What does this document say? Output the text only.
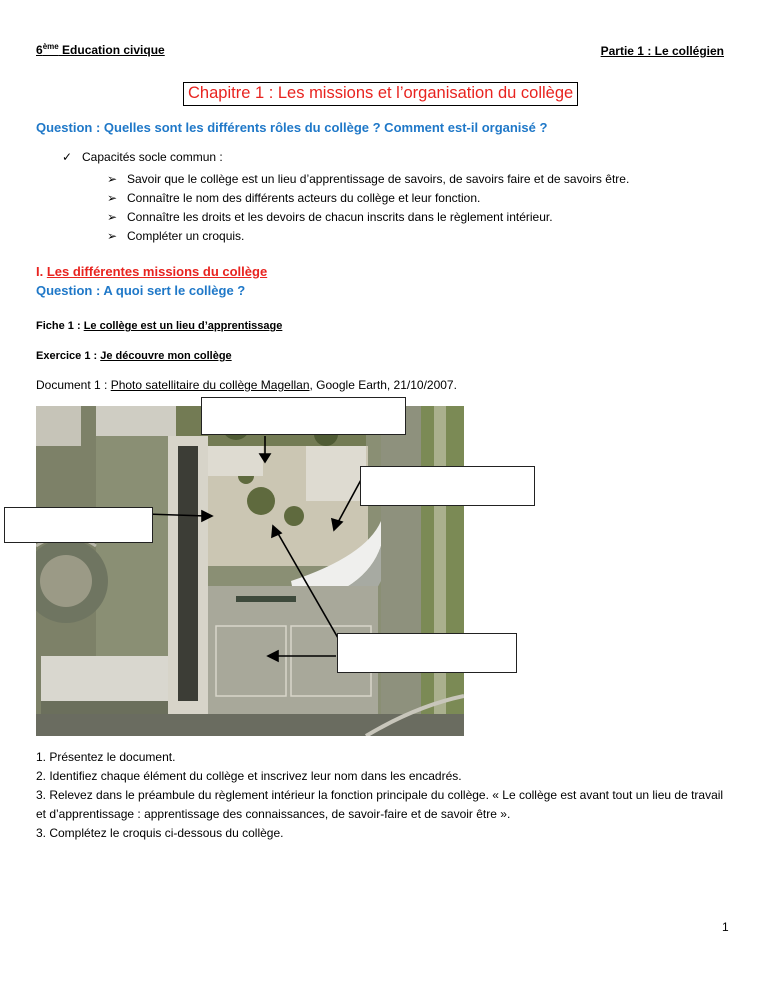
6ème Education civique	Partie 1 : Le collégien
Chapitre 1 : Les missions et l’organisation du collège
Question : Quelles sont les différents rôles du collège ? Comment est-il organisé ?
✓ Capacités socle commun :
➢ Savoir que le collège est un lieu d’apprentissage de savoirs, de savoirs faire et de savoirs être.
➢ Connaître le nom des différents acteurs du collège et leur fonction.
➢ Connaître les droits et les devoirs de chacun inscrits dans le règlement intérieur.
➢ Compléter un croquis.
I. Les différentes missions du collège
Question : A quoi sert le collège ?
Fiche 1 : Le collège est un lieu d’apprentissage
Exercice 1 : Je découvre mon collège
Document 1 : Photo satellitaire du collège Magellan, Google Earth, 21/10/2007.
1. Présentez le document.
2. Identifiez chaque élément du collège et inscrivez leur nom dans les encadrés.
3. Relevez dans le préambule du règlement intérieur la fonction principale du collège. « Le collège est avant tout un lieu de travail et d’apprentissage : apprentissage des connaissances, de savoir-faire et de savoir être ».
3. Complétez le croquis ci-dessous du collège.
1
